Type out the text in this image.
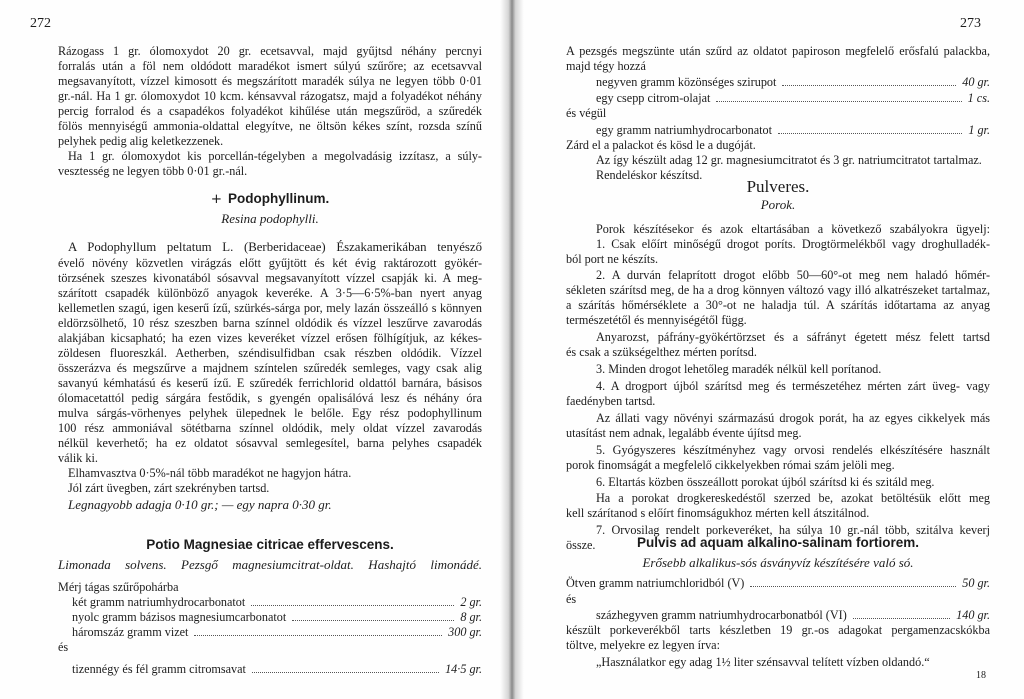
272
Rázogass 1 gr. ólomoxydot 20 gr. ecetsavval, majd gyűjtsd néhány percnyi
forralás után a föl nem oldódott maradékot ismert súlyú szűrőre; az ecetsavval
megsavanyított, vízzel kimosott és megszárított maradék súlya ne legyen több 0·01
gr.-nál. Ha 1 gr. ólomoxydot 10 kcm. kénsavval rázogatsz, majd a folyadékot néhány
percig forralod és a csapadékos folyadékot kihűlése után megszűröd, a szűredék
fölös mennyiségű ammonia-oldattal elegyítve, ne öltsön kékes színt, rozsda színű
pelyhek pedig alig keletkezzenek.
Ha 1 gr. ólomoxydot kis porcellán-tégelyben a megolvadásig izzítasz, a súly-
vesztesség ne legyen több 0·01 gr.-nál.
+ Podophyllinum.
Resina podophylli.
A Podophyllum peltatum L. (Berberidaceae) Északamerikában tenyésző
évelő növény közvetlen virágzás előtt gyűjtött és két évig raktározott gyökér-
törzsének szeszes kivonatából sósavval megsavanyított vízzel csapják ki. A meg-
szárított csapadék különböző anyagok keveréke. A 3·5—6·5%-ban nyert anyag
kellemetlen szagú, igen keserű ízű, szürkés-sárga por, mely lazán összeálló s könnyen
eldörzsölhető, 10 rész szeszben barna színnel oldódik és vízzel leszűrve zavarodás
alakjában kicsapható; ha ezen vizes keveréket vízzel erősen fölhígítjuk, az kékes-
zöldesen fluoreszkál. Aetherben, széndisulfidban csak részben oldódik. Vízzel
összerázva és megszűrve a majdnem színtelen szűredék semleges, vagy csak alig
savanyú kémhatású és keserű ízű. E szűredék ferrichlorid oldattól barnára, básisos
ólomacetattól pedig sárgára festődik, s gyengén opalisálóvá lesz és néhány óra
mulva sárgás-vörhenyes pelyhek ülepednek le belőle. Egy rész podophyllinum
100 rész ammoniával sötétbarna színnel oldódik, mely oldat vízzel zavarodás
nélkül keverhető; ha ez oldatot sósavval semlegesítel, barna pelyhes csapadék
válik ki.
Elhamvasztva 0·5%-nál több maradékot ne hagyjon hátra.
Jól zárt üvegben, zárt szekrényben tartsd.
Legnagyobb adagja 0·10 gr.; — egy napra 0·30 gr.
Potio Magnesiae citricae effervescens.
Limonada solvens. Pezsgő magnesiumcitrat-oldat. Hashajtó limonádé.
Mérj tágas szűrőpohárba
két gramm natriumhydrocarbonatot	2 gr.
nyolc gramm bázisos magnesiumcarbonatot	8 gr.
háromszáz gramm vizet	300 gr.
és
tizennégy és fél gramm citromsavat	14·5 gr.
273
A pezsgés megszünte után szűrd az oldatot papiroson megfelelő erősfalú palackba,
majd tégy hozzá
negyven gramm közönséges szirupot	40 gr.
egy csepp citrom-olajat	1 cs.
és végül
egy gramm natriumhydrocarbonatot	1 gr.
Zárd el a palackot és kösd le a dugóját.
Az így készült adag 12 gr. magnesiumcitratot és 3 gr. natriumcitratot tartalmaz.
Rendeléskor készítsd.
Pulveres.
Porok.
Porok készítésekor és azok eltartásában a következő szabályokra ügyelj:
1. Csak előírt minőségű drogot poríts. Drogtörmelékből vagy droghulladék-
ból port ne készíts.
2. A durván felaprított drogot előbb 50—60°-ot meg nem haladó hőmér-
sékleten szárítsd meg, de ha a drog könnyen változó vagy illó alkatrészeket tartalmaz,
a szárítás hőmérséklete a 30°-ot ne haladja túl. A szárítás időtartama az anyag
természetétől és mennyiségétől függ.
Anyarozst, páfrány-gyökértörzset és a sáfrányt égetett mész felett tartsd
és csak a szükségelthez mérten porítsd.
3. Minden drogot lehetőleg maradék nélkül kell porítanod.
4. A drogport újból szárítsd meg és természetéhez mérten zárt üveg- vagy
faedényben tartsd.
Az állati vagy növényi származású drogok porát, ha az egyes cikkelyek más
utasítást nem adnak, legalább évente újítsd meg.
5. Gyógyszeres készítményhez vagy orvosi rendelés elkészítésére használt
porok finomságát a megfelelő cikkelyekben római szám jelöli meg.
6. Eltartás közben összeállott porokat újból szárítsd ki és szitáld meg.
Ha a porokat drogkereskedéstől szerzed be, azokat betöltésük előtt meg
kell szárítanod s előírt finomságukhoz mérten kell átszitálnod.
7. Orvosilag rendelt porkeveréket, ha súlya 10 gr.-nál több, szitálva keverj
össze.	Pulvis ad aquam alkalino-salinam fortiorem.
Erősebb alkalikus-sós ásványvíz készítésére való só.
Ötven gramm natriumchloridból (V)	50 gr.
és
százhegyven gramm natriumhydrocarbonatból (VI)	140 gr.
készült porkeverékből tarts készletben 19 gr.-os adagokat pergamenzacskókba
töltve, melyekre ez legyen írva:
„Használatkor egy adag 1½ liter szénsavval telített vízben oldandó.“
18
